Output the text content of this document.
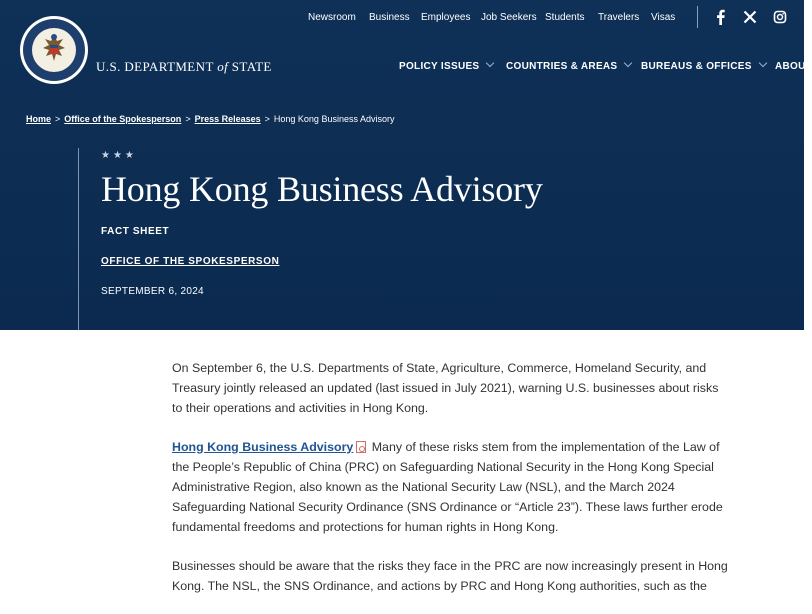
Newsroom Business Employees Job Seekers Students Travelers Visas
U.S. DEPARTMENT of STATE	POLICY ISSUES	COUNTRIES & AREAS	BUREAUS & OFFICES	ABOUT
Home > Office of the Spokesperson > Press Releases > Hong Kong Business Advisory
★★★
Hong Kong Business Advisory
FACT SHEET
OFFICE OF THE SPOKESPERSON
SEPTEMBER 6, 2024

On September 6, the U.S. Departments of State, Agriculture, Commerce, Homeland Security, and Treasury jointly released an updated (last issued in July 2021), warning U.S. businesses about risks to their operations and activities in Hong Kong.

Hong Kong Business Advisory Many of these risks stem from the implementation of the Law of the People’s Republic of China (PRC) on Safeguarding National Security in the Hong Kong Special Administrative Region, also known as the National Security Law (NSL), and the March 2024 Safeguarding National Security Ordinance (SNS Ordinance or “Article 23”). These laws further erode fundamental freedoms and protections for human rights in Hong Kong.

Businesses should be aware that the risks they face in the PRC are now increasingly present in Hong Kong. The NSL, the SNS Ordinance, and actions by PRC and Hong Kong authorities, such as the
